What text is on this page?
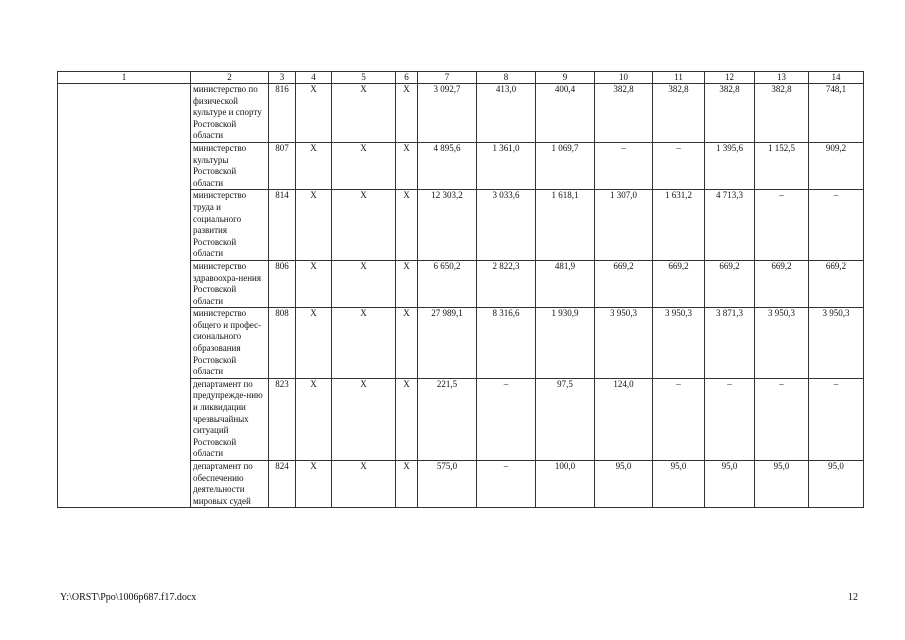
1	2	3	4	5	6	7	8	9	10	11	12	13	14
	министерство по физической культуре и спорту Ростовской области	816	Х	Х	Х	3 092,7	413,0	400,4	382,8	382,8	382,8	382,8	748,1
	министерство культуры Ростовской области	807	Х	Х	Х	4 895,6	1 361,0	1 069,7	–	–	1 395,6	1 152,5	909,2
	министерство труда и социального развития Ростовской области	814	Х	Х	Х	12 303,2	3 033,6	1 618,1	1 307,0	1 631,2	4 713,3	–	–
	министерство здравоохра-нения Ростовской области	806	Х	Х	Х	6 650,2	2 822,3	481,9	669,2	669,2	669,2	669,2	669,2
	министерство общего и профес-сионального образования Ростовской области	808	Х	Х	Х	27 989,1	8 316,6	1 930,9	3 950,3	3 950,3	3 871,3	3 950,3	3 950,3
	департамент по предупрежде-нию и ликвидации чрезвычайных ситуаций Ростовской области	823	Х	Х	Х	221,5	–	97,5	124,0	–	–	–	–
	департамент по обеспечению деятельности мировых судей	824	Х	Х	Х	575,0	–	100,0	95,0	95,0	95,0	95,0	95,0
Y:\ORST\Ppo\1006p687.f17.docx	12
